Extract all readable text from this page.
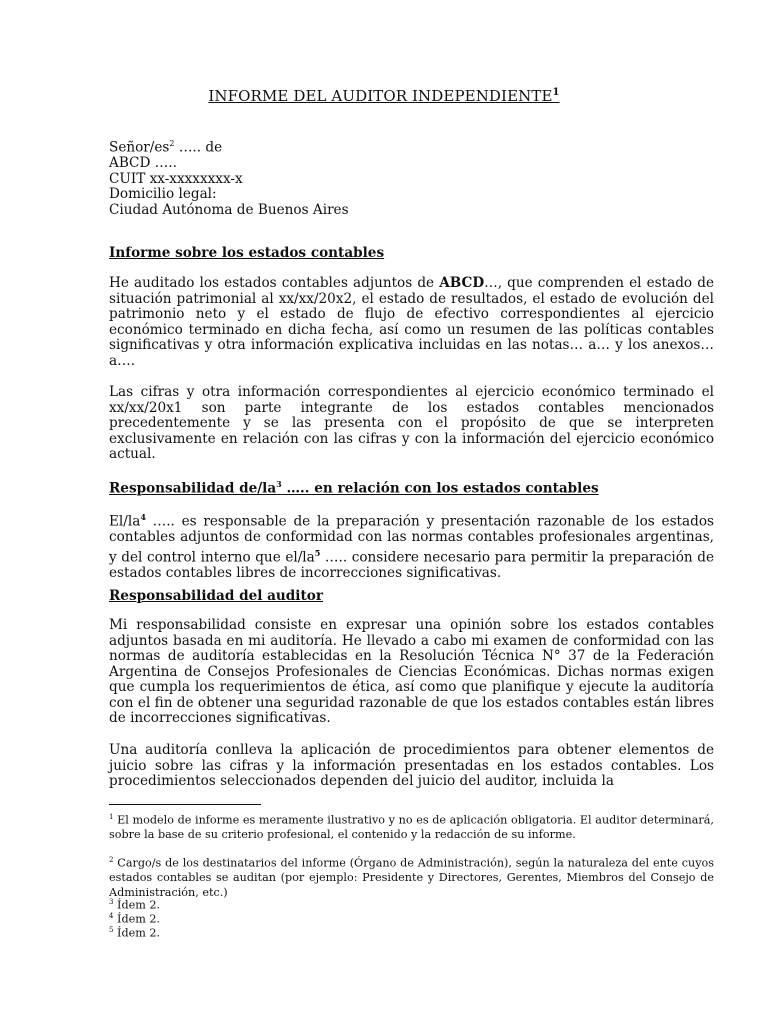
INFORME DEL AUDITOR INDEPENDIENTE$^1$
Señor/$es^2$ ….. de
ABCD …..
CUIT xx-xxxxxxxx-x
Domicilio legal:
Ciudad Autónoma de Buenos Aires
Informe sobre los estados contables

He auditado los estados contables adjuntos de ABCD…, que comprenden el estado de situación patrimonial al xx/xx/20x2, el estado de resultados, el estado de evolución del patrimonio neto y el estado de flujo de efectivo correspondientes al ejercicio económico terminado en dicha fecha, así como un resumen de las políticas contables significativas y otra información explicativa incluidas en las notas… a… y los anexos… a….

Las cifras y otra información correspondientes al ejercicio económico terminado el xx/xx/20x1 son parte integrante de los estados contables mencionados precedentemente y se las presenta con el propósito de que se interpreten exclusivamente en relación con las cifras y con la información del ejercicio económico actual.

Responsabilidad $de/la^3$ ….. en relación con los estados contables

$El/la^4$ ….. es responsable de la preparación y presentación razonable de los estados contables adjuntos de conformidad con las normas contables profesionales argentinas, y del control interno que $el/la^5$ ….. considere necesario para permitir la preparación de estados contables libres de incorrecciones significativas.

Responsabilidad del auditor

Mi responsabilidad consiste en expresar una opinión sobre los estados contables adjuntos basada en mi auditoría. He llevado a cabo mi examen de conformidad con las normas de auditoría establecidas en la Resolución Técnica N° 37 de la Federación Argentina de Consejos Profesionales de Ciencias Económicas. Dichas normas exigen que cumpla los requerimientos de ética, así como que planifique y ejecute la auditoría con el fin de obtener una seguridad razonable de que los estados contables están libres de incorrecciones significativas.

Una auditoría conlleva la aplicación de procedimientos para obtener elementos de juicio sobre las cifras y la información presentadas en los estados contables. Los procedimientos seleccionados dependen del juicio del auditor, incluida la

$^1$ El modelo de informe es meramente ilustrativo y no es de aplicación obligatoria. El auditor determinará, sobre la base de su criterio profesional, el contenido y la redacción de su informe.

$^2$ Cargo/s de los destinatarios del informe (Órgano de Administración), según la naturaleza del ente cuyos estados contables se auditan (por ejemplo: Presidente y Directores, Gerentes, Miembros del Consejo de Administración, etc.)

$^3$ Ídem 2.

$^4$ Ídem 2.

$^5$ Ídem 2.
